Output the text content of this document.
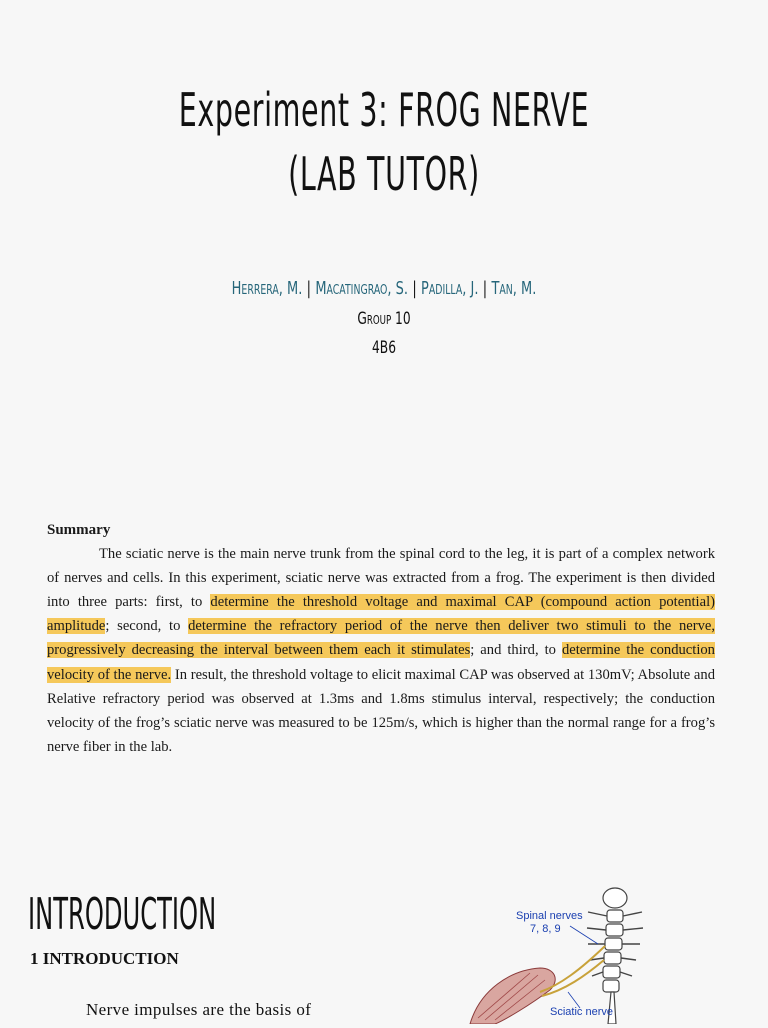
Experiment 3: FROG NERVE
(LAB TUTOR)
Herrera, M. | Macatingrao, S. | Padilla, J. | Tan, M.
Group 10
4B6
Summary

The sciatic nerve is the main nerve trunk from the spinal cord to the leg, it is part of a complex network of nerves and cells. In this experiment, sciatic nerve was extracted from a frog. The experiment is then divided into three parts: first, to determine the threshold voltage and maximal CAP (compound action potential) amplitude; second, to determine the refractory period of the nerve then deliver two stimuli to the nerve, progressively decreasing the interval between them each it stimulates; and third, to determine the conduction velocity of the nerve. In result, the threshold voltage to elicit maximal CAP was observed at 130mV; Absolute and Relative refractory period was observed at 1.3ms and 1.8ms stimulus interval, respectively; the conduction velocity of the frog’s sciatic nerve was measured to be 125m/s, which is higher than the normal range for a frog’s nerve fiber in the lab.

INTRODUCTION
1 INTRODUCTION
Nerve impulses are the basis of
Spinal nerves
7, 8, 9
Sciatic nerve
